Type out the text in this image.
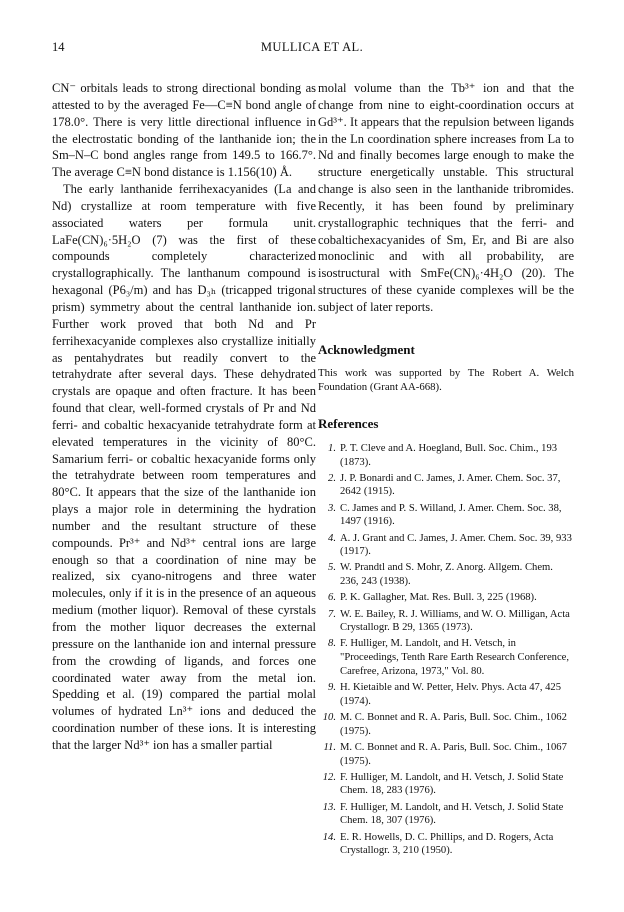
14	MULLICA ET AL.

CN⁻ orbitals leads to strong directional bonding as attested to by the averaged Fe—C≡N bond angle of 178.0°. There is very little directional influence in the electrostatic bonding of the lanthanide ion; the Sm–N–C bond angles range from 149.5 to 166.7°. The average C≡N bond distance is 1.156(10) Å.

The early lanthanide ferrihexacyanides (La and Nd) crystallize at room temperature with five associated waters per formula unit. LaFe(CN)₆·5H₂O (7) was the first of these compounds completely characterized crystallographically. The lanthanum compound is hexagonal (P6₃/m) and has D₃ₕ (tricapped trigonal prism) symmetry about the central lanthanide ion. Further work proved that both Nd and Pr ferrihexacyanide complexes also crystallize initially as pentahydrates but readily convert to the tetrahydrate after several days. These dehydrated crystals are opaque and often fracture. It has been found that clear, well-formed crystals of Pr and Nd ferri- and cobaltic hexacyanide tetrahydrate form at elevated temperatures in the vicinity of 80°C. Samarium ferri- or cobaltic hexacyanide forms only the tetrahydrate between room temperatures and 80°C. It appears that the size of the lanthanide ion plays a major role in determining the hydration number and the resultant structure of these compounds. Pr³⁺ and Nd³⁺ central ions are large enough so that a coordination of nine may be realized, six cyano-nitrogens and three water molecules, only if it is in the presence of an aqueous medium (mother liquor). Removal of these cyrstals from the mother liquor decreases the external pressure on the lanthanide ion and internal pressure from the crowding of ligands, and forces one coordinated water away from the metal ion. Spedding et al. (19) compared the partial molal volumes of hydrated Ln³⁺ ions and deduced the coordination number of these ions. It is interesting that the larger Nd³⁺ ion has a smaller partial

molal volume than the Tb³⁺ ion and that the change from nine to eight-coordination occurs at Gd³⁺. It appears that the repulsion between ligands in the Ln coordination sphere increases from La to Nd and finally becomes large enough to make the structure energetically unstable. This structural change is also seen in the lanthanide tribromides. Recently, it has been found by preliminary crystallographic techniques that the ferri- and cobaltichexacyanides of Sm, Er, and Bi are also monoclinic and with all probability, are isostructural with SmFe(CN)₆·4H₂O (20). The structures of these cyanide complexes will be the subject of later reports.

Acknowledgment

This work was supported by The Robert A. Welch Foundation (Grant AA-668).

References
1. P. T. Cleve and A. Hoegland, Bull. Soc. Chim., 193 (1873).
2. J. P. Bonardi and C. James, J. Amer. Chem. Soc. 37, 2642 (1915).
3. C. James and P. S. Willand, J. Amer. Chem. Soc. 38, 1497 (1916).
4. A. J. Grant and C. James, J. Amer. Chem. Soc. 39, 933 (1917).
5. W. Prandtl and S. Mohr, Z. Anorg. Allgem. Chem. 236, 243 (1938).
6. P. K. Gallagher, Mat. Res. Bull. 3, 225 (1968).
7. W. E. Bailey, R. J. Williams, and W. O. Milligan, Acta Crystallogr. B 29, 1365 (1973).
8. F. Hulliger, M. Landolt, and H. Vetsch, in "Proceedings, Tenth Rare Earth Research Conference, Carefree, Arizona, 1973," Vol. 80.
9. H. Kietaible and W. Petter, Helv. Phys. Acta 47, 425 (1974).
10. M. C. Bonnet and R. A. Paris, Bull. Soc. Chim., 1062 (1975).
11. M. C. Bonnet and R. A. Paris, Bull. Soc. Chim., 1067 (1975).
12. F. Hulliger, M. Landolt, and H. Vetsch, J. Solid State Chem. 18, 283 (1976).
13. F. Hulliger, M. Landolt, and H. Vetsch, J. Solid State Chem. 18, 307 (1976).
14. E. R. Howells, D. C. Phillips, and D. Rogers, Acta Crystallogr. 3, 210 (1950).
